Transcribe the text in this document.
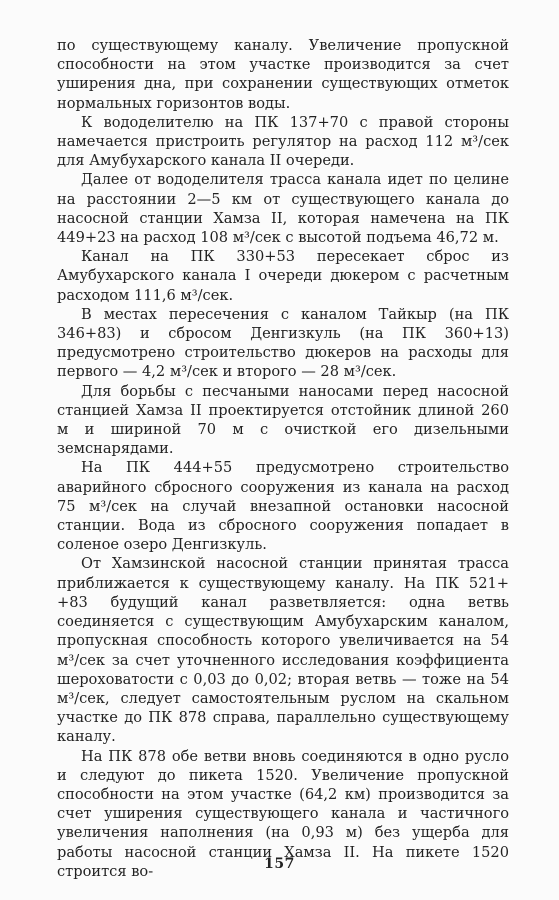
по существующему каналу. Увеличение пропускной способности на этом участке производится за счет уширения дна, при сохранении существующих отметок нормальных горизонтов воды.

К вододелителю на ПК 137+70 с правой стороны намечается пристроить регулятор на расход 112 м³/сек для Амубухарского канала II очереди.

Далее от вододелителя трасса канала идет по целине на расстоянии 2—5 км от существующего канала до насосной станции Хамза II, которая намечена на ПК 449+23 на расход 108 м³/сек с высотой подъема 46,72 м.

Канал на ПК 330+53 пересекает сброс из Амубухарского канала I очереди дюкером с расчетным расходом 111,6 м³/сек.

В местах пересечения с каналом Тайкыр (на ПК 346+83) и сбросом Денгизкуль (на ПК 360+13) предусмотрено строительство дюкеров на расходы для первого — 4,2 м³/сек и второго — 28 м³/сек.

Для борьбы с песчаными наносами перед насосной станцией Хамза II проектируется отстойник длиной 260 м и шириной 70 м с очисткой его дизельными земснарядами.

На ПК 444+55 предусмотрено строительство аварийного сбросного сооружения из канала на расход 75 м³/сек на случай внезапной остановки насосной станции. Вода из сбросного сооружения попадает в соленое озеро Денгизкуль.

От Хамзинской насосной станции принятая трасса приближается к существующему каналу. На ПК 521+ +83 будущий канал разветвляется: одна ветвь соединяется с существующим Амубухарским каналом, пропускная способность которого увеличивается на 54 м³/сек за счет уточненного исследования коэффициента шероховатости с 0,03 до 0,02; вторая ветвь — тоже на 54 м³/сек, следует самостоятельным руслом на скальном участке до ПК 878 справа, параллельно существующему каналу.

На ПК 878 обе ветви вновь соединяются в одно русло и следуют до пикета 1520. Увеличение пропускной способности на этом участке (64,2 км) производится за счет уширения существующего канала и частичного увеличения наполнения (на 0,93 м) без ущерба для работы насосной станции Хамза II. На пикете 1520 строится во-	157
